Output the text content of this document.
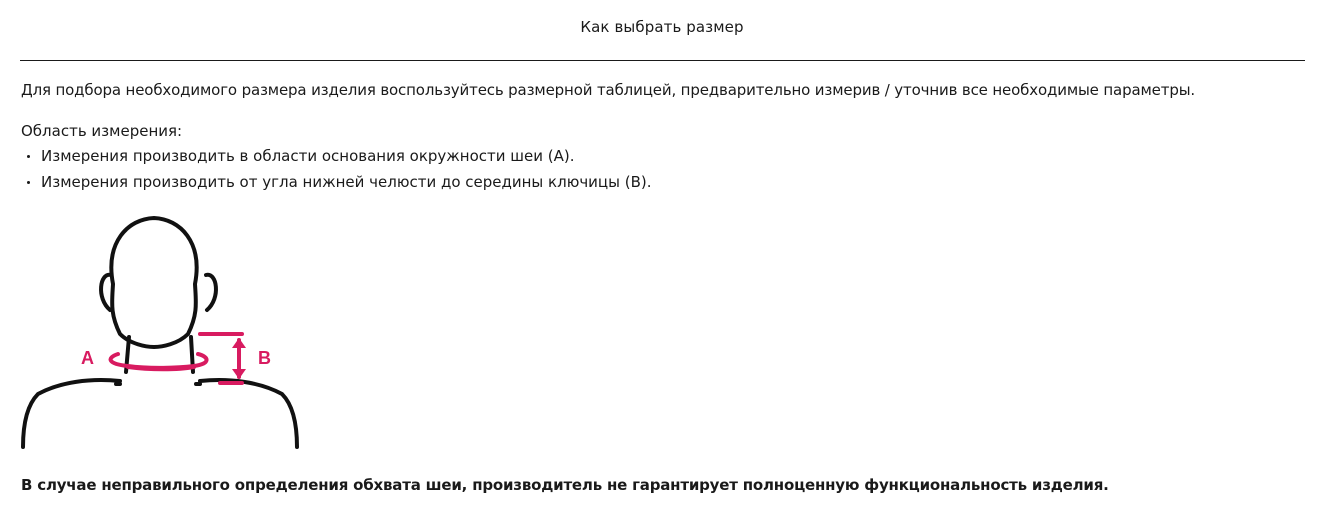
Как выбрать размер

Для подбора необходимого размера изделия воспользуйтесь размерной таблицей, предварительно измерив / уточнив все необходимые параметры.

Область измерения:

Измерения производить в области основания окружности шеи (А).
Измерения производить от угла нижней челюсти до середины ключицы (В).
A	B

В случае неправильного определения обхвата шеи, производитель не гарантирует полноценную функциональность изделия.
